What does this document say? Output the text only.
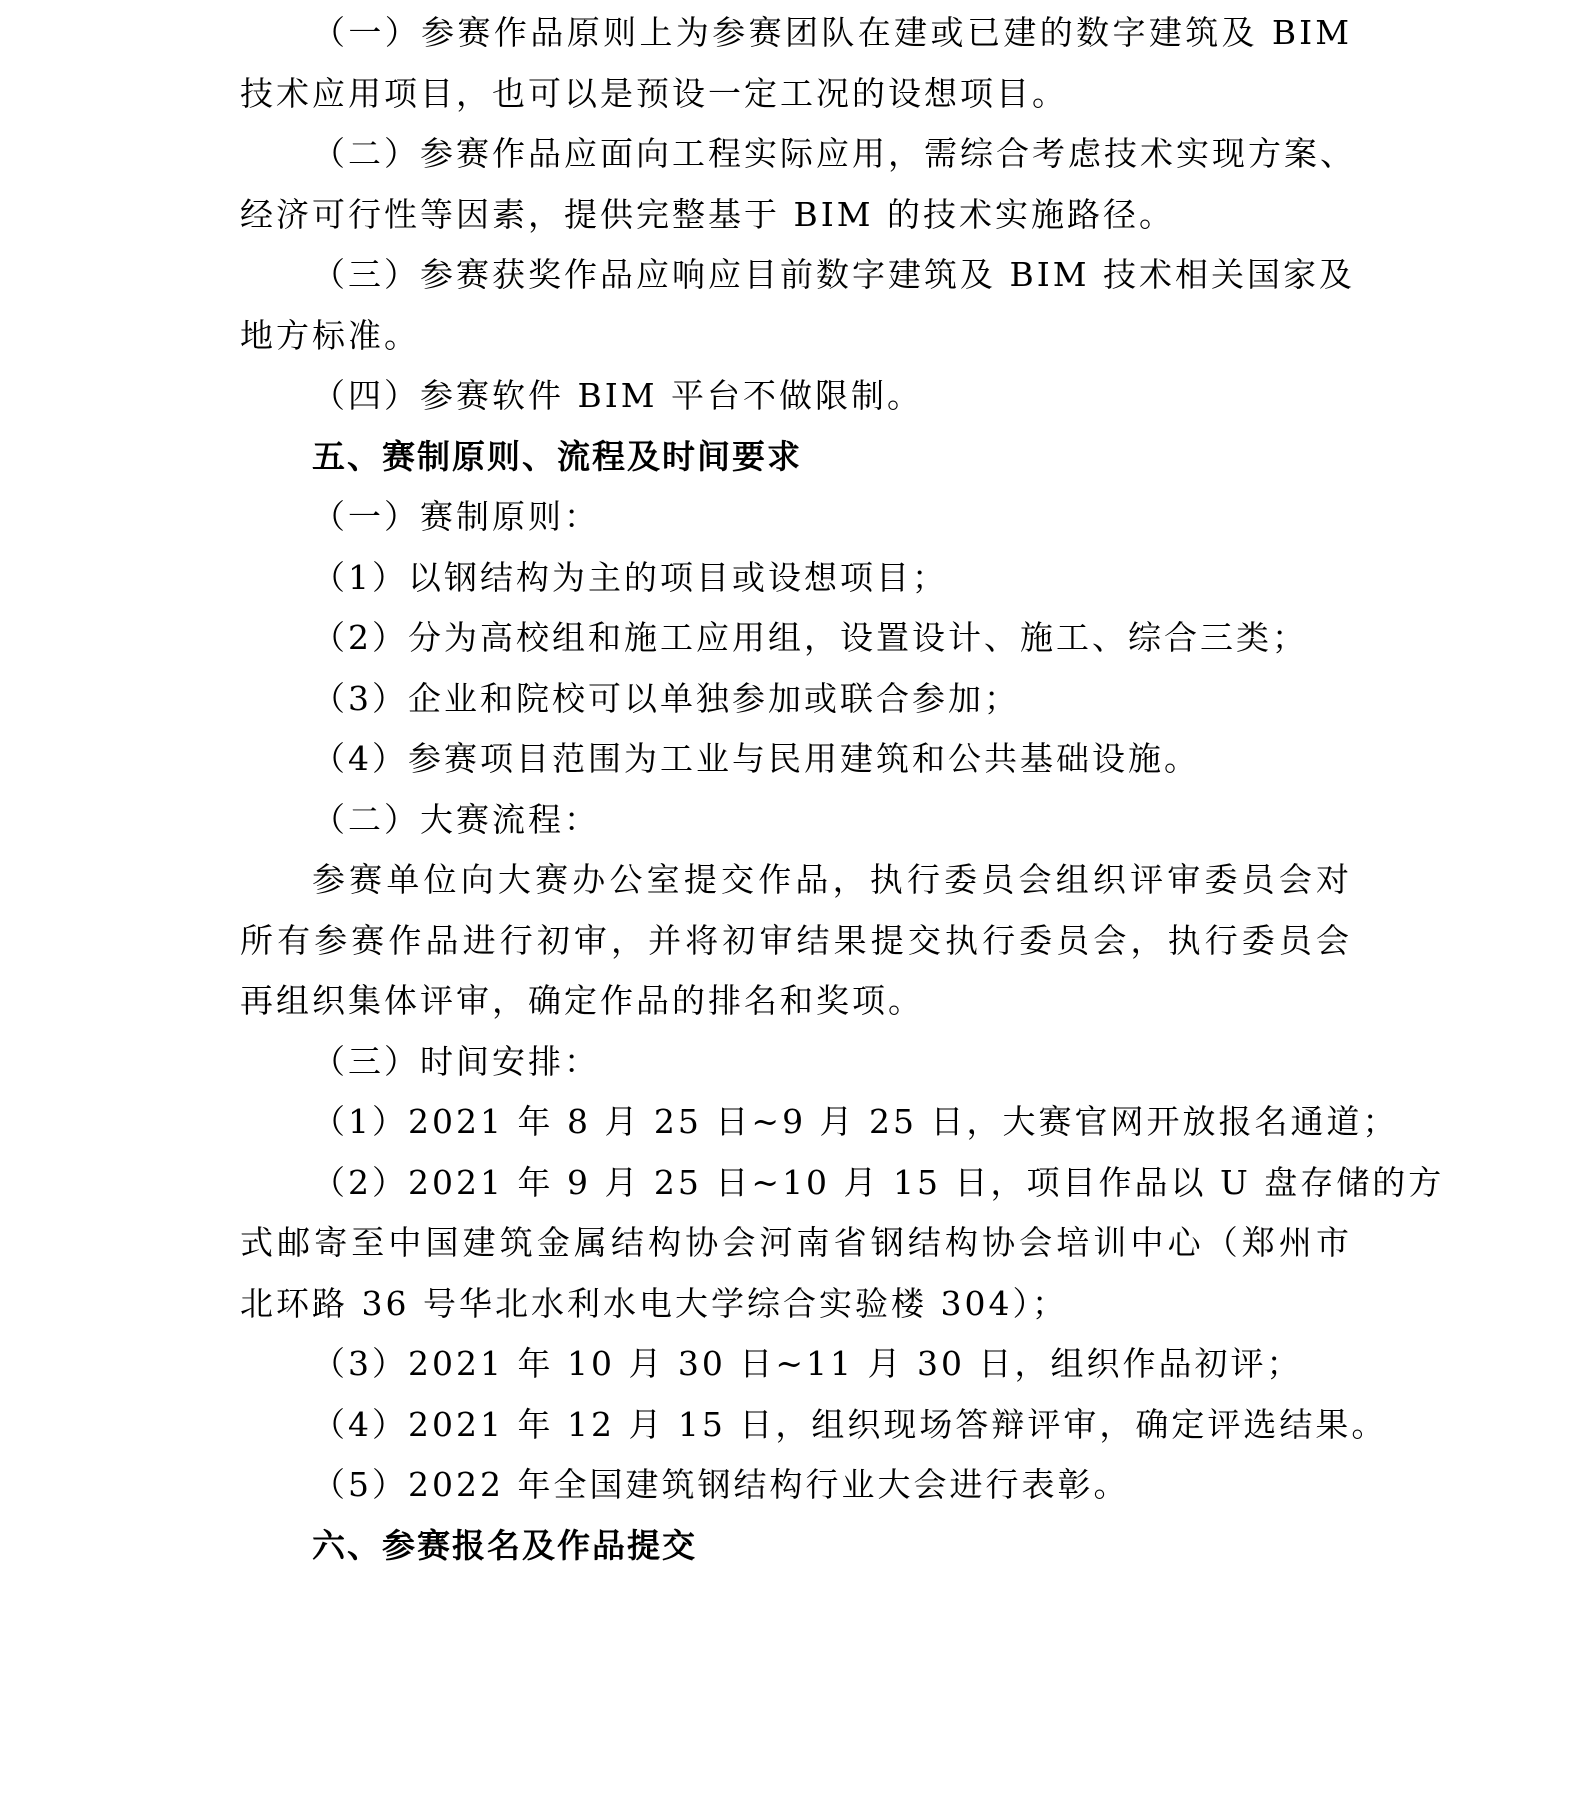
（一）参赛作品原则上为参赛团队在建或已建的数字建筑及 BIM
技术应用项目，也可以是预设一定工况的设想项目。
（二）参赛作品应面向工程实际应用，需综合考虑技术实现方案、
经济可行性等因素，提供完整基于 BIM 的技术实施路径。
（三）参赛获奖作品应响应目前数字建筑及 BIM 技术相关国家及
地方标准。
（四）参赛软件 BIM 平台不做限制。
五、赛制原则、流程及时间要求
（一）赛制原则：
（1）以钢结构为主的项目或设想项目；
（2）分为高校组和施工应用组，设置设计、施工、综合三类；
（3）企业和院校可以单独参加或联合参加；
（4）参赛项目范围为工业与民用建筑和公共基础设施。
（二）大赛流程：
参赛单位向大赛办公室提交作品，执行委员会组织评审委员会对
所有参赛作品进行初审，并将初审结果提交执行委员会，执行委员会
再组织集体评审，确定作品的排名和奖项。
（三）时间安排：
（1）2021 年 8 月 25 日~9 月 25 日，大赛官网开放报名通道；
（2）2021 年 9 月 25 日~10 月 15 日，项目作品以 U 盘存储的方
式邮寄至中国建筑金属结构协会河南省钢结构协会培训中心（郑州市
北环路 36 号华北水利水电大学综合实验楼 304）；
（3）2021 年 10 月 30 日~11 月 30 日，组织作品初评；
（4）2021 年 12 月 15 日，组织现场答辩评审，确定评选结果。
（5）2022 年全国建筑钢结构行业大会进行表彰。
六、参赛报名及作品提交
